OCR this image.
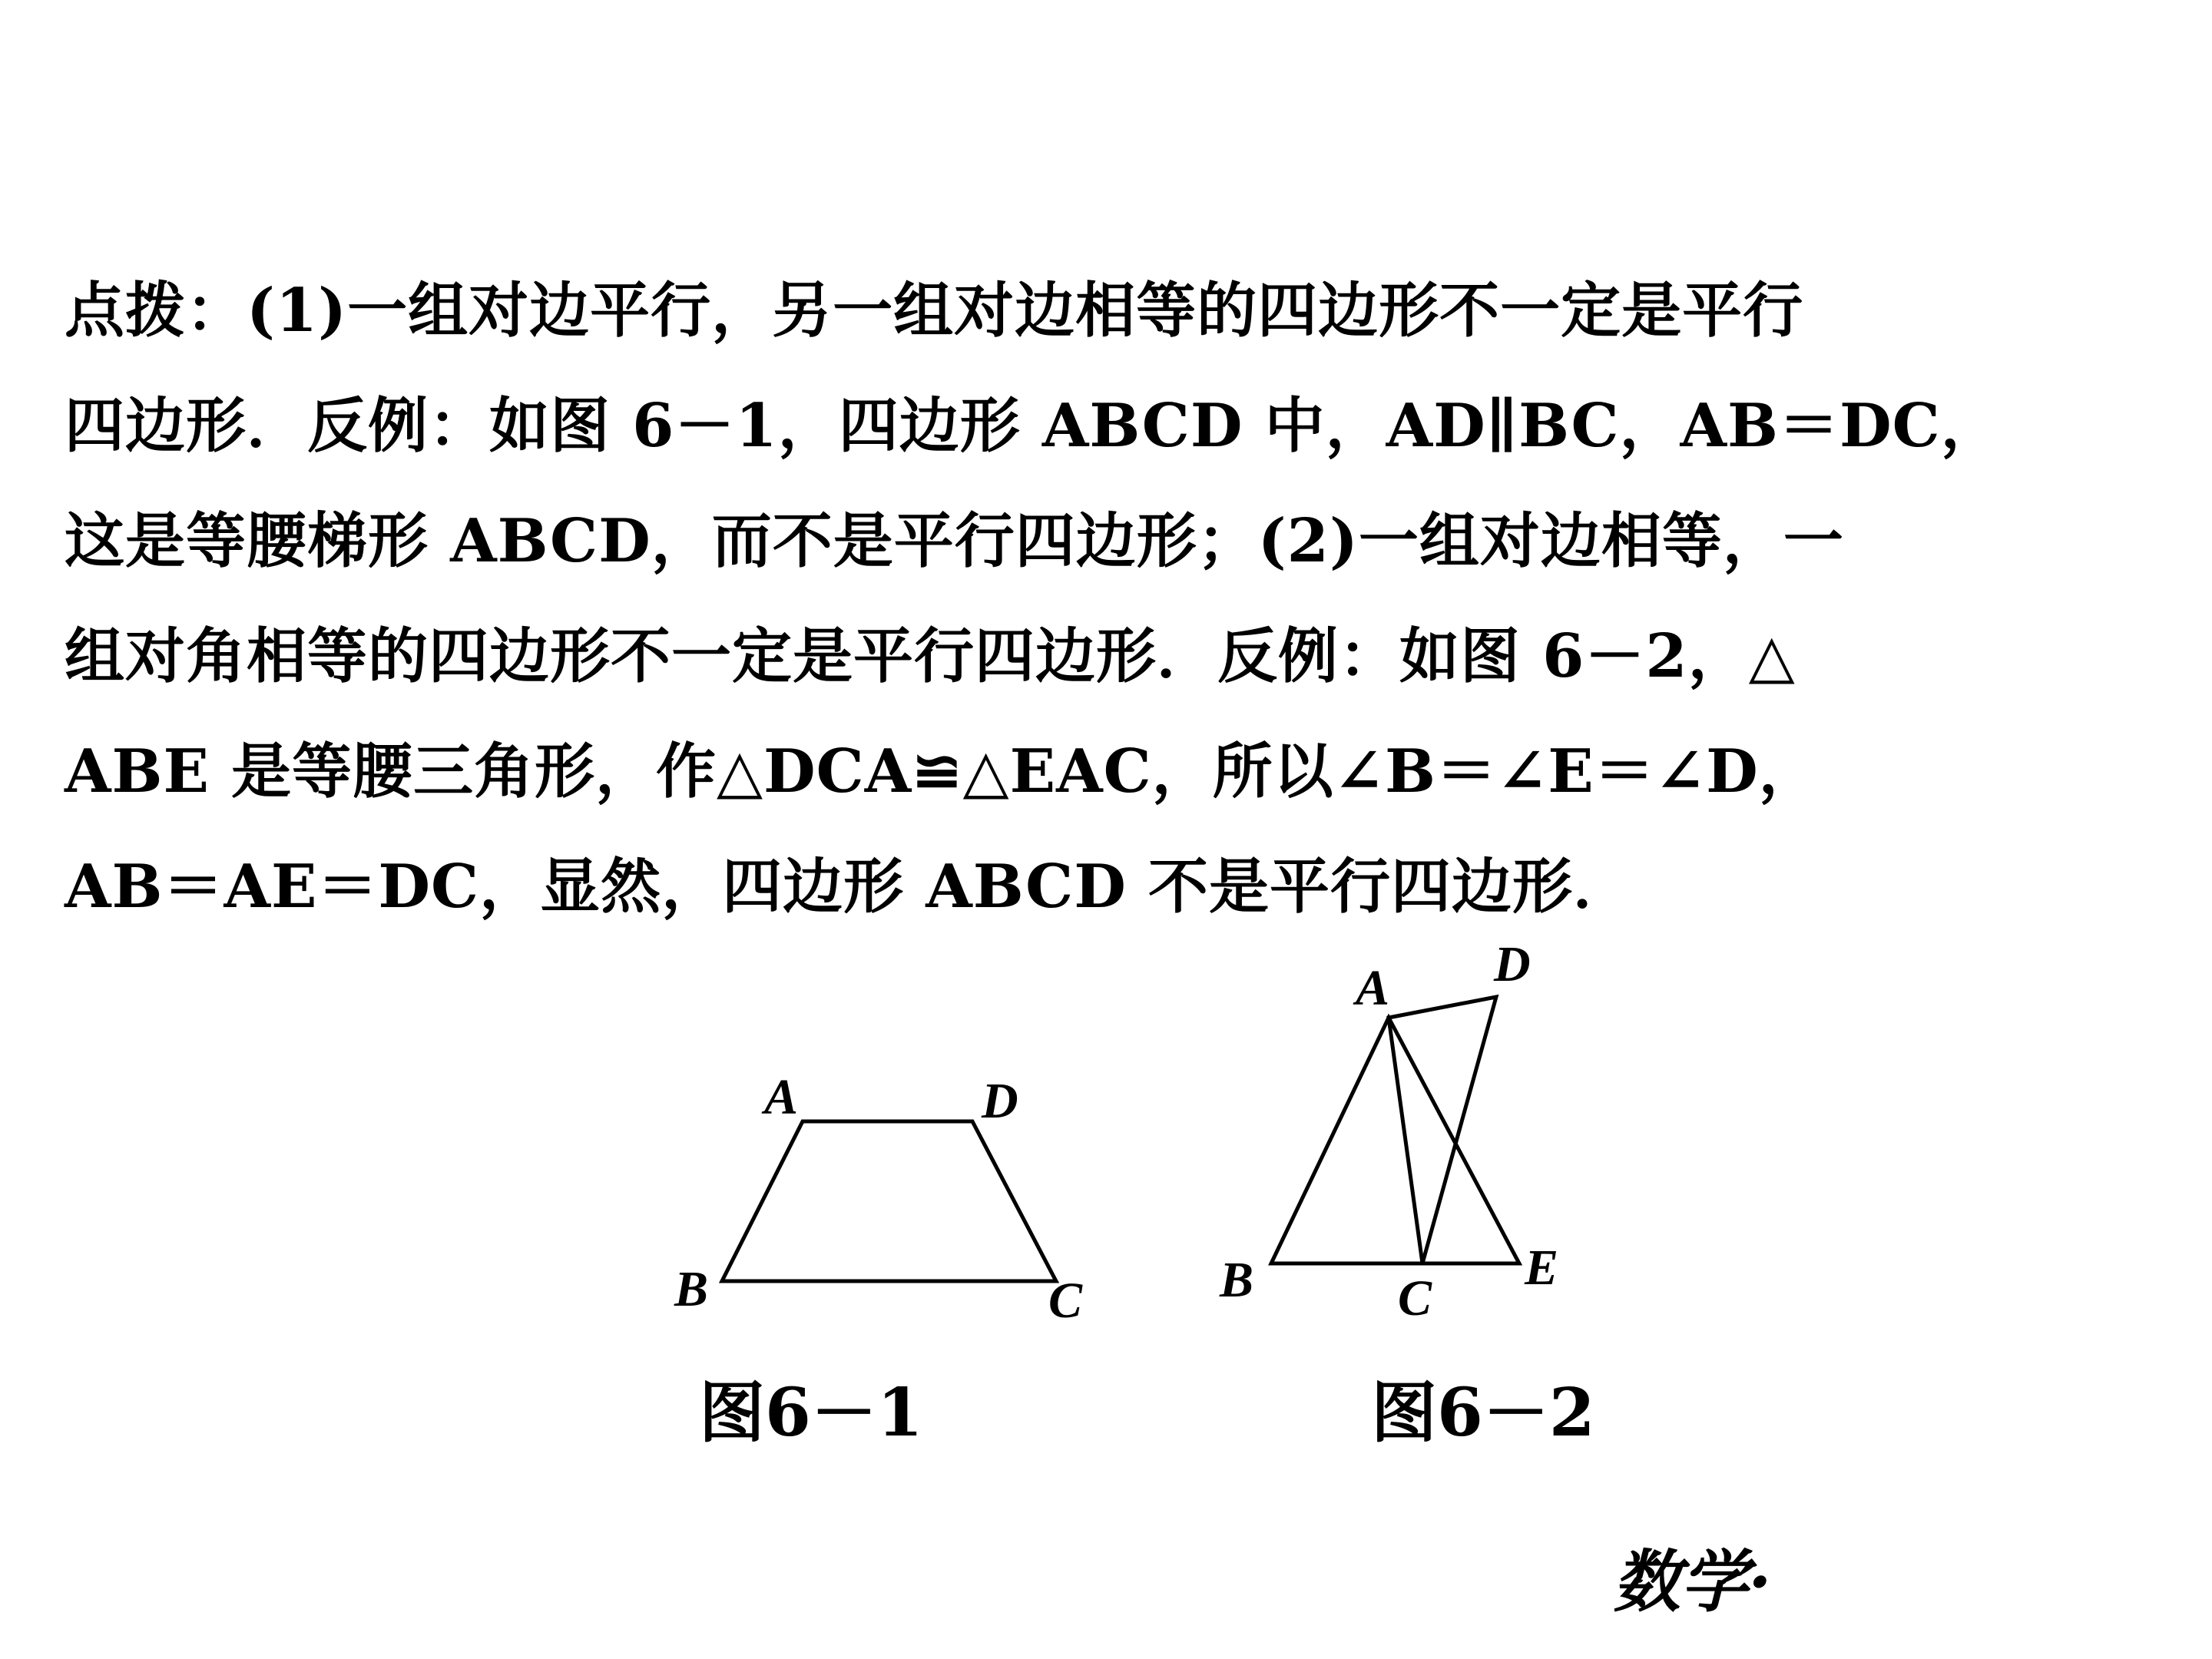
点拨：(1)一组对边平行，另一组对边相等的四边形不一定是平行
四边形．反例：如图 6－1，四边形 ABCD 中，AD∥BC，AB＝DC，
这是等腰梯形 ABCD，而不是平行四边形；(2)一组对边相等，一
组对角相等的四边形不一定是平行四边形．反例：如图 6－2，△
ABE 是等腰三角形，作△DCA≌△EAC，所以∠B＝∠E＝∠D，
AB＝AE＝DC，显然，四边形 ABCD 不是平行四边形．
A	D
B	C
图6－1
A D
B	C
E
图6－2
数学·
